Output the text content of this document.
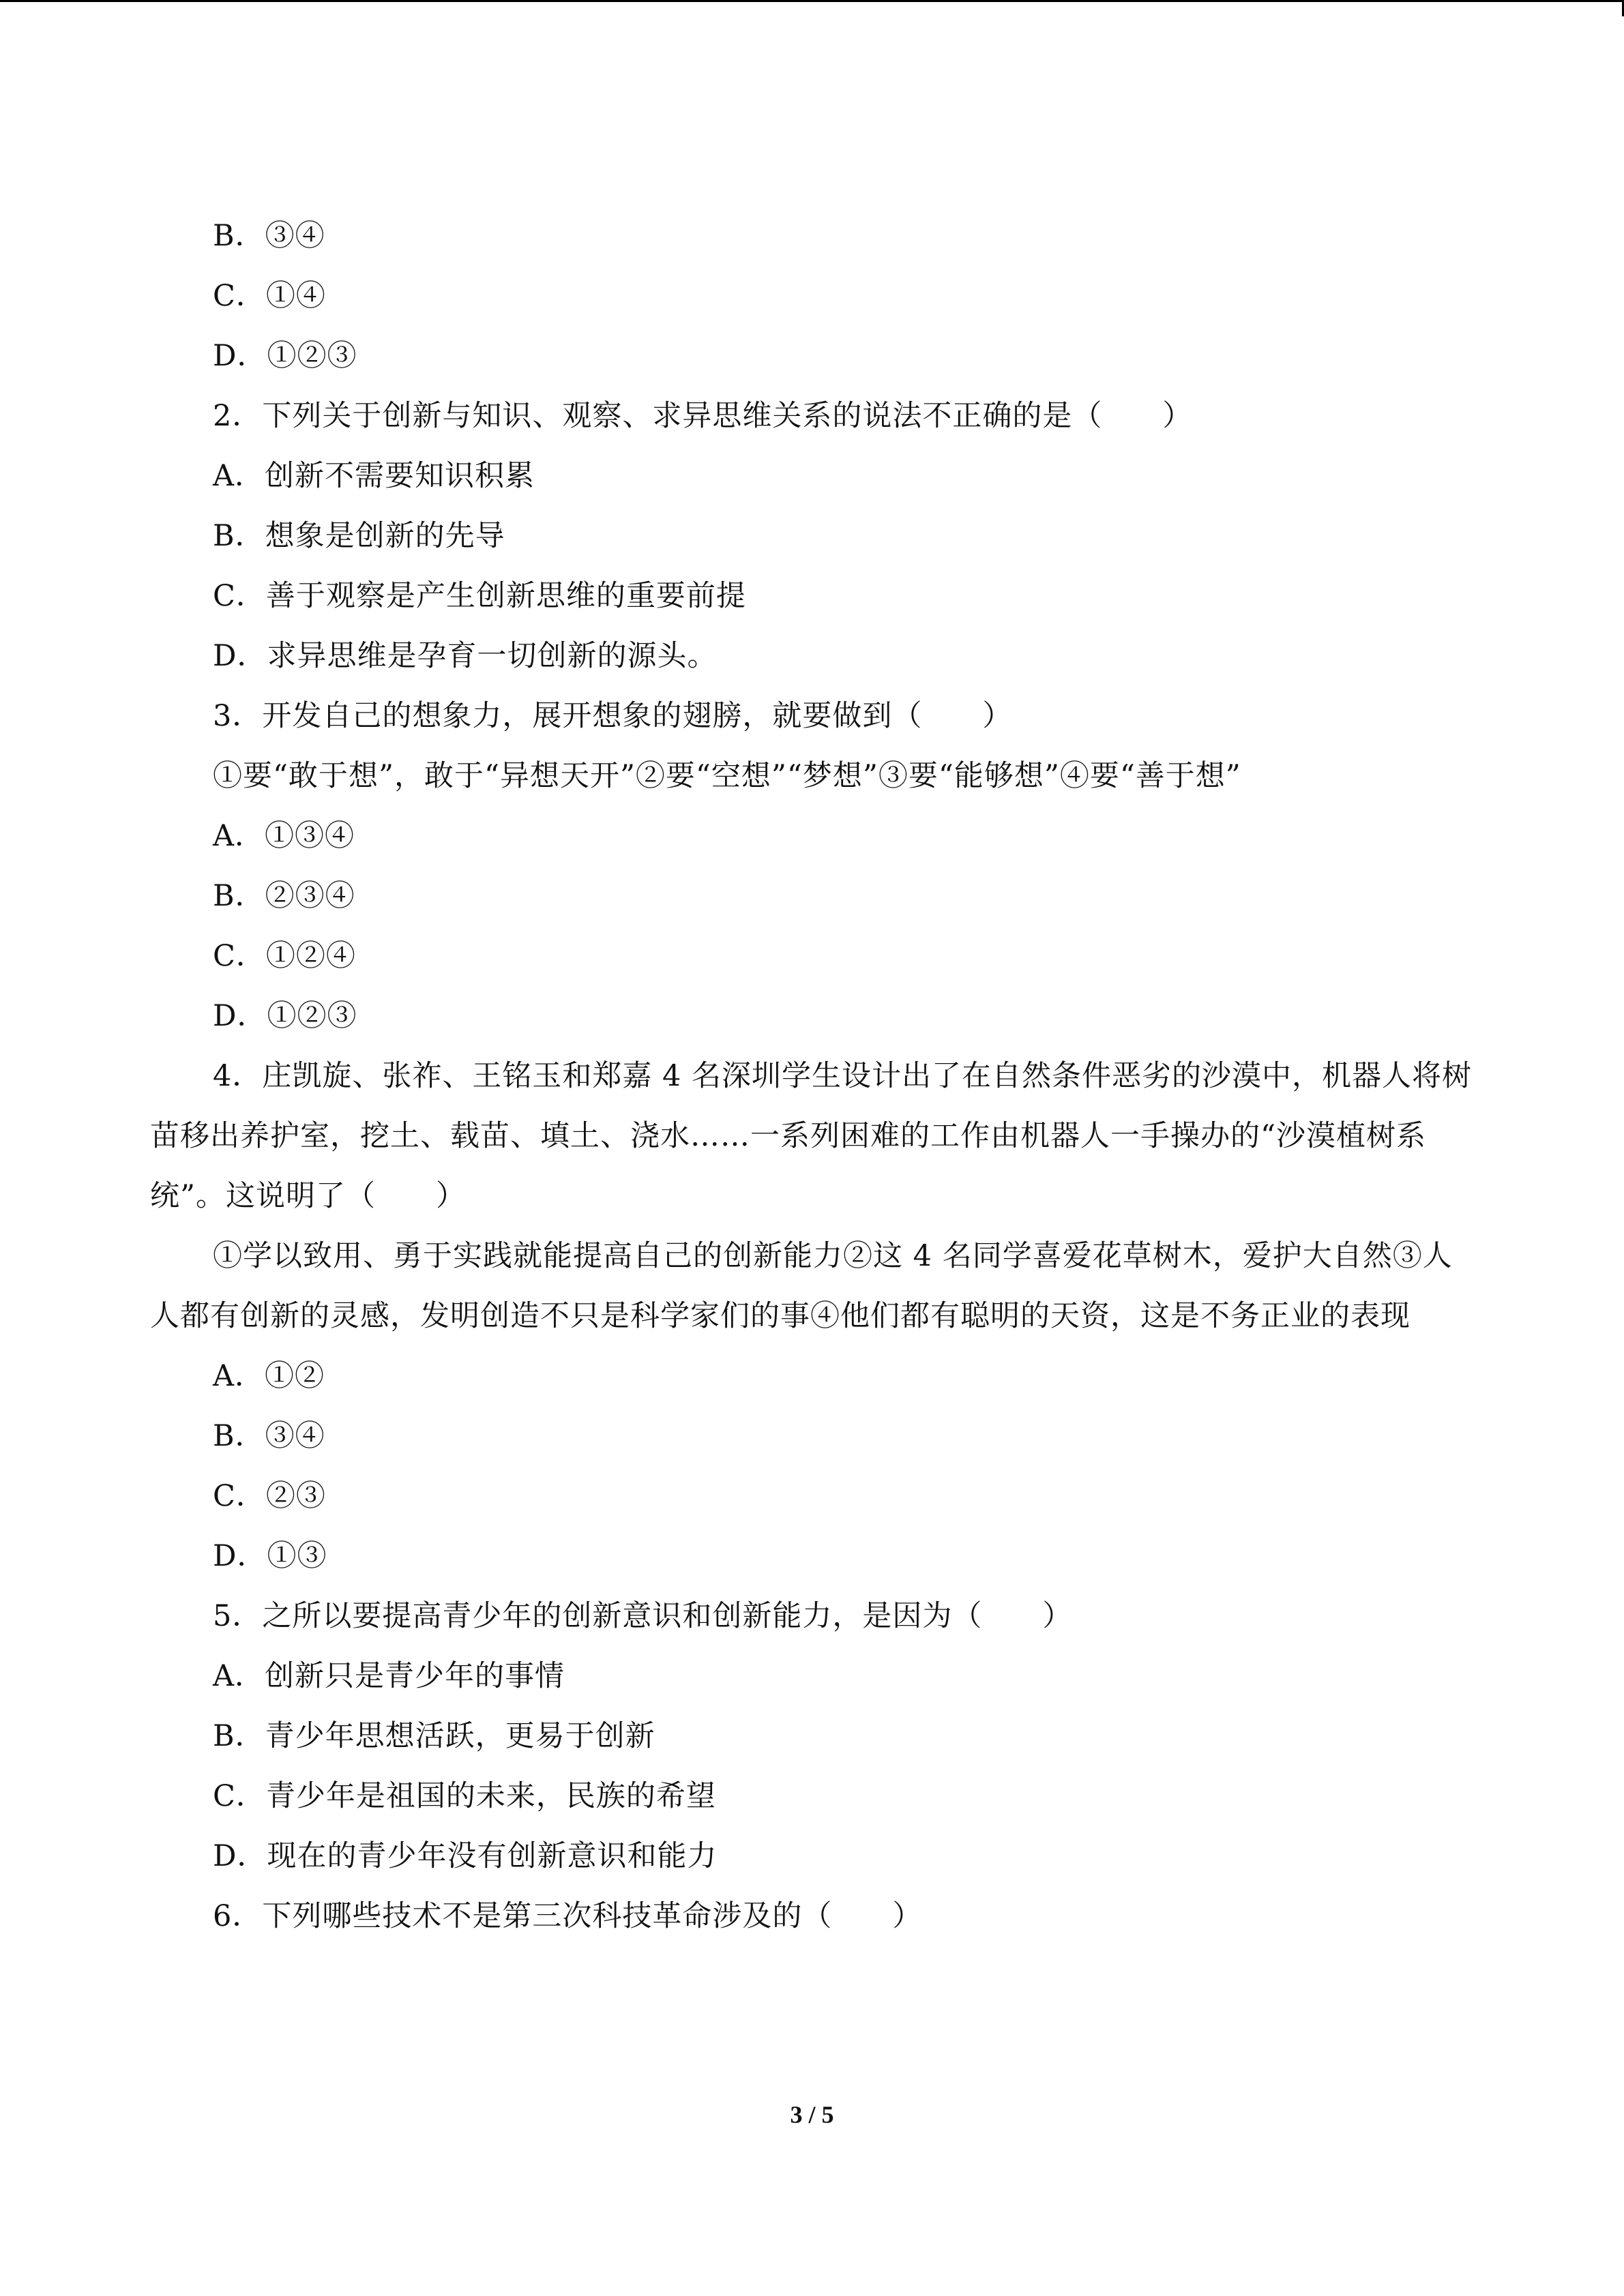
B．③④
C．①④
D．①②③
2．下列关于创新与知识、观察、求异思维关系的说法不正确的是（　　）
A．创新不需要知识积累
B．想象是创新的先导
C．善于观察是产生创新思维的重要前提
D．求异思维是孕育一切创新的源头。
3．开发自己的想象力，展开想象的翅膀，就要做到（　　）
①要“敢于想”，敢于“异想天开”②要“空想”“梦想”③要“能够想”④要“善于想”
A．①③④
B．②③④
C．①②④
D．①②③
4．庄凯旋、张祚、王铭玉和郑嘉 4 名深圳学生设计出了在自然条件恶劣的沙漠中，机器人将树苗移出养护室，挖土、载苗、填土、浇水……一系列困难的工作由机器人一手操办的“沙漠植树系统”。这说明了（　　）
①学以致用、勇于实践就能提高自己的创新能力②这 4 名同学喜爱花草树木，爱护大自然③人人都有创新的灵感，发明创造不只是科学家们的事④他们都有聪明的天资，这是不务正业的表现
A．①②
B．③④
C．②③
D．①③
5．之所以要提高青少年的创新意识和创新能力，是因为（　　）
A．创新只是青少年的事情
B．青少年思想活跃，更易于创新
C．青少年是祖国的未来，民族的希望
D．现在的青少年没有创新意识和能力
6．下列哪些技术不是第三次科技革命涉及的（　　）
3 / 5
